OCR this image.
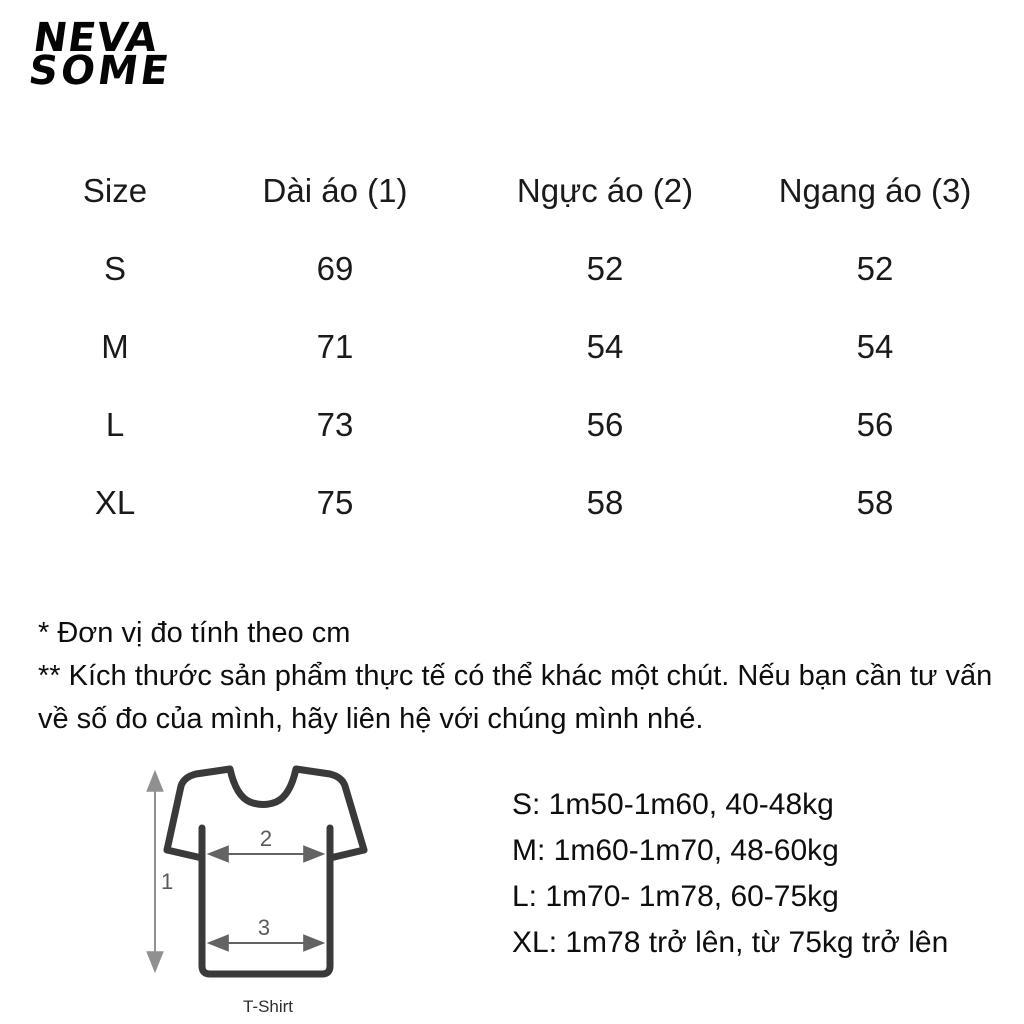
NEVA
SOME
Size	Dài áo (1)	Ngực áo (2)	Ngang áo (3)
S	69	52	52
M	71	54	54
L	73	56	56
XL	75	58	58
* Đơn vị đo tính theo cm
** Kích thước sản phẩm thực tế có thể khác một chút. Nếu bạn cần tư vấn về số đo của mình, hãy liên hệ với chúng mình nhé.
1
2
3
T-Shirt
S: 1m50-1m60, 40-48kg
M: 1m60-1m70, 48-60kg
L: 1m70- 1m78, 60-75kg
XL: 1m78 trở lên, từ 75kg trở lên
